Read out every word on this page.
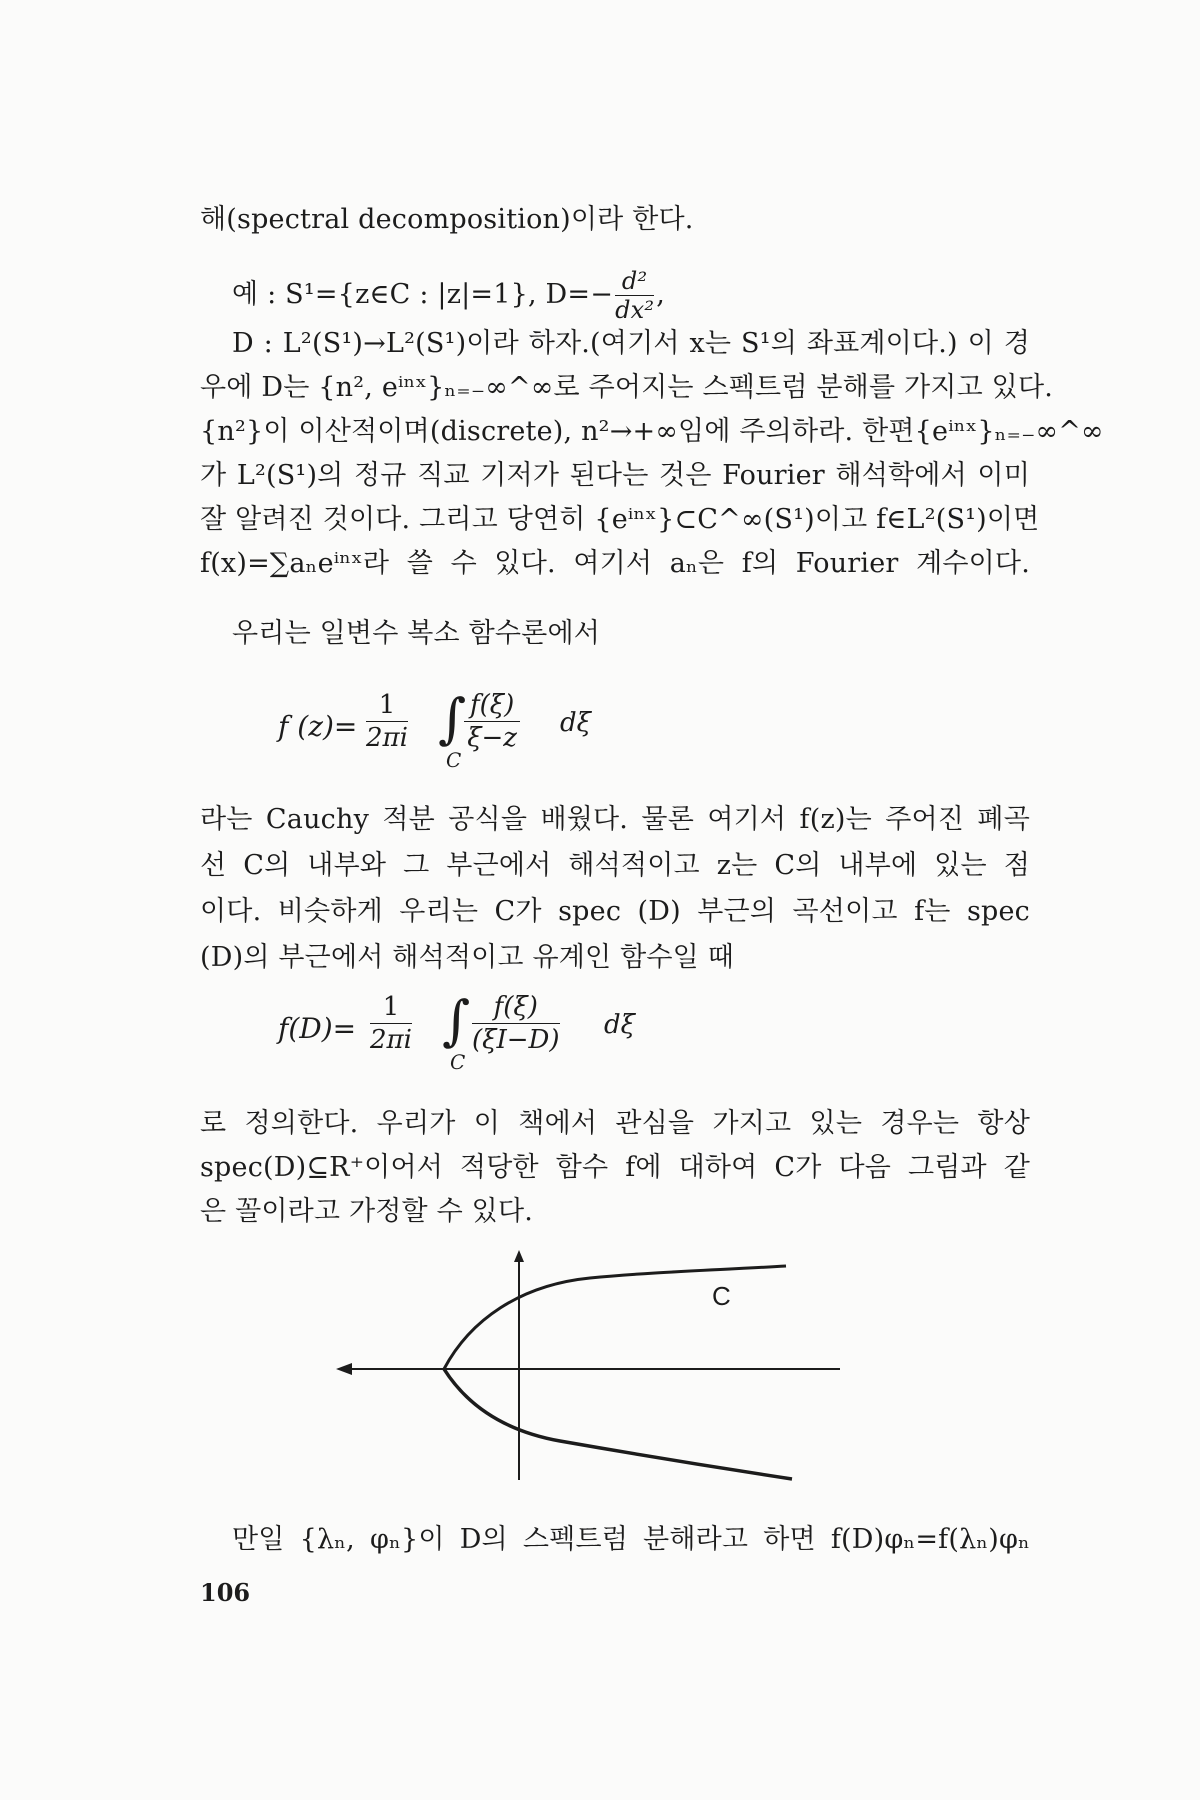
해(spectral decomposition)이라 한다.
예 : S¹={z∈C : |z|=1}, $D=- \frac{\text{d²}}{\text{dx²}}$ ,
D : L²(S¹)→L²(S¹)이라 하자.(여기서 x는 S¹의 좌표계이다.) 이 경
우에 D는 {n², eⁱⁿˣ}ₙ₌₋∞^∞로 주어지는 스펙트럼 분해를 가지고 있다.
{n²}이 이산적이며(discrete), n²→+∞임에 주의하라. 한편{eⁱⁿˣ}ₙ₌₋∞^∞
가 L²(S¹)의 정규 직교 기저가 된다는 것은 Fourier 해석학에서 이미
잘 알려진 것이다. 그리고 당연히 {eⁱⁿˣ}⊂C^∞(S¹)이고 f∈L²(S¹)이면
f(x)=∑aₙeⁱⁿˣ라 쓸 수 있다. 여기서 aₙ은 f의 Fourier 계수이다.
우리는 일변수 복소 함수론에서
f $(z)= \frac{1}{2\pi i}$ ∫
C
$\frac{f(\xi)}{\xi-z}$ dξ
라는 Cauchy 적분 공식을 배웠다. 물론 여기서 f(z)는 주어진 폐곡
선 C의 내부와 그 부근에서 해석적이고 z는 C의 내부에 있는 점
이다. 비슷하게 우리는 C가 spec (D) 부근의 곡선이고 f는 spec
(D)의 부근에서 해석적이고 유계인 함수일 때
$f(D)= \frac{1}{2\pi i}$ ∫
C
$\frac{f(\xi)}{(\xi I-D)}$ dξ
로 정의한다. 우리가 이 책에서 관심을 가지고 있는 경우는 항상
spec(D)⊆R⁺이어서 적당한 함수 f에 대하여 C가 다음 그림과 같
은 꼴이라고 가정할 수 있다.
C
만일 {λₙ, φₙ}이 D의 스펙트럼 분해라고 하면 f(D)φₙ=f(λₙ)φₙ
106
